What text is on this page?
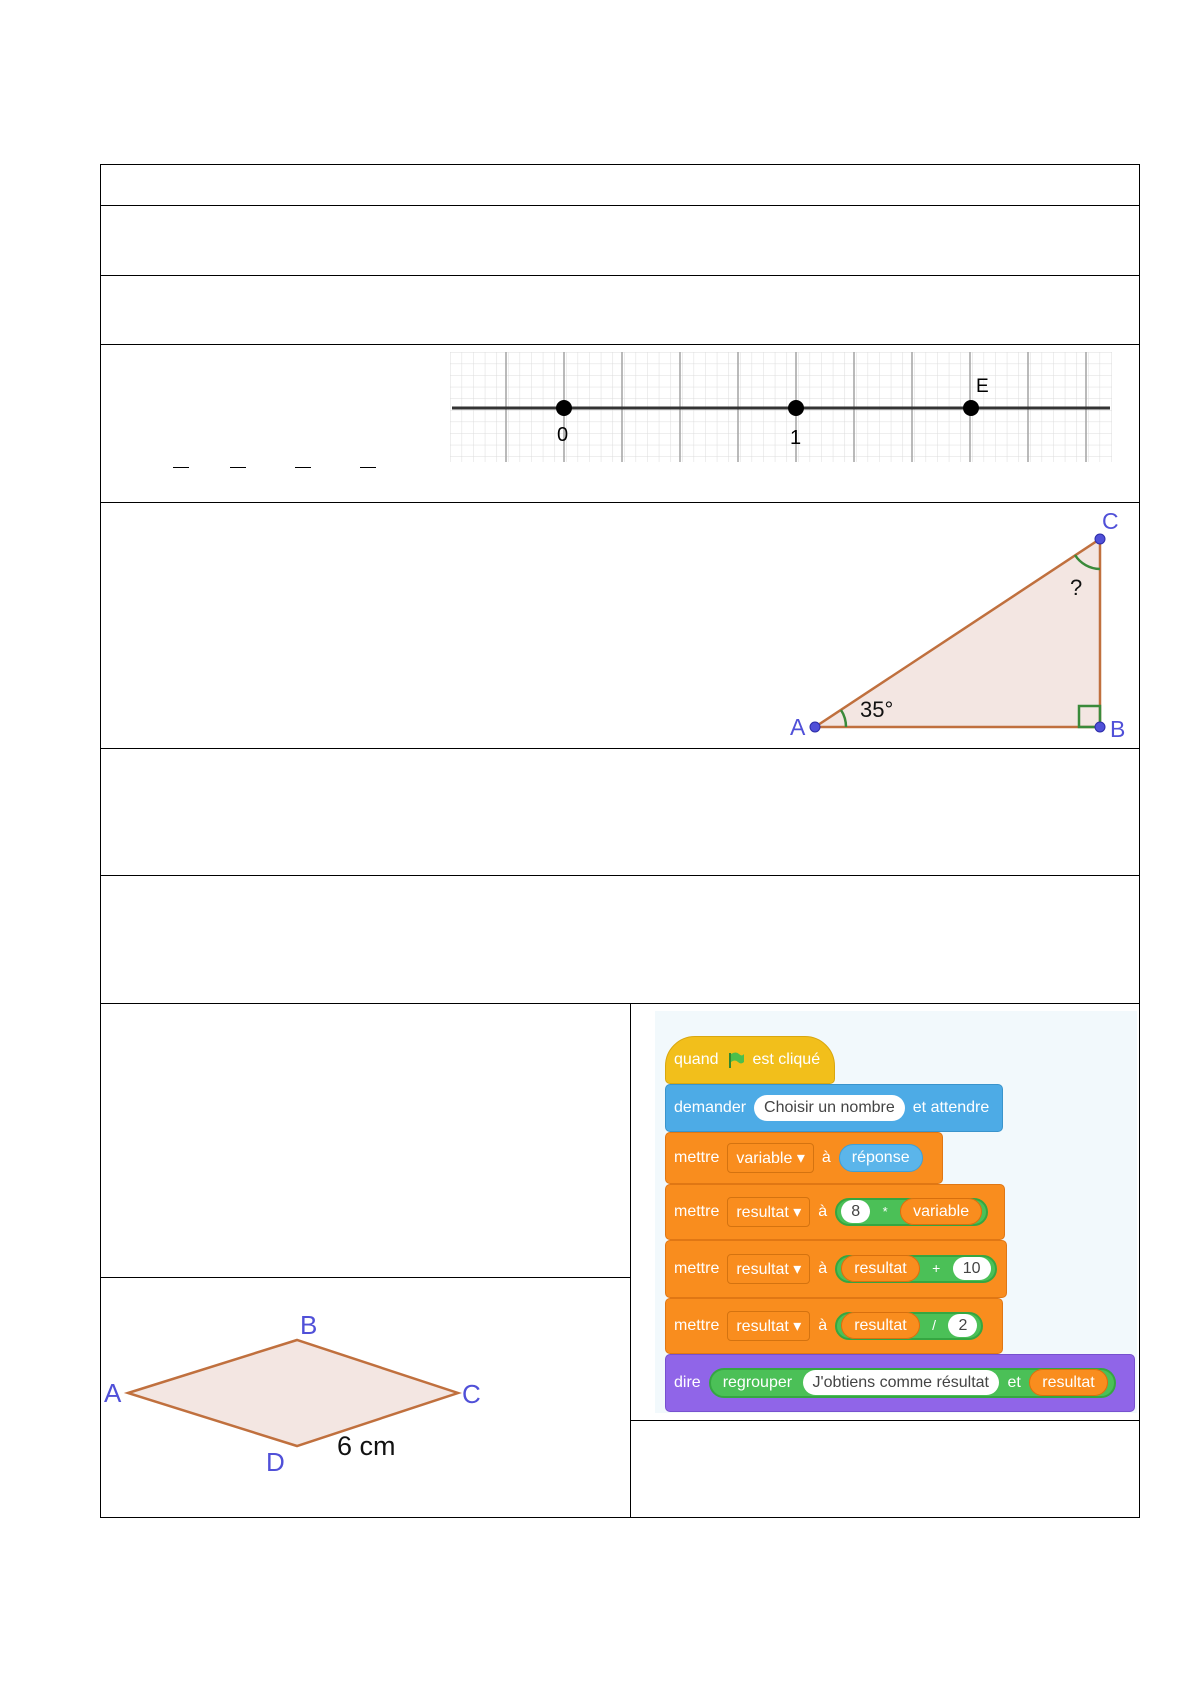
0	1
E
A	B
C
35°
?
A
B
C
D
6 cm
quand est cliqué
demander	Choisir un nombre	et attendre
mettre	variable ▾	à	réponse
mettre	resultat ▾	à	8 * variable
mettre	resultat ▾	à	resultat + 10
mettre	resultat ▾	à	resultat / 2
dire	regrouper J'obtiens comme résultat et resultat
